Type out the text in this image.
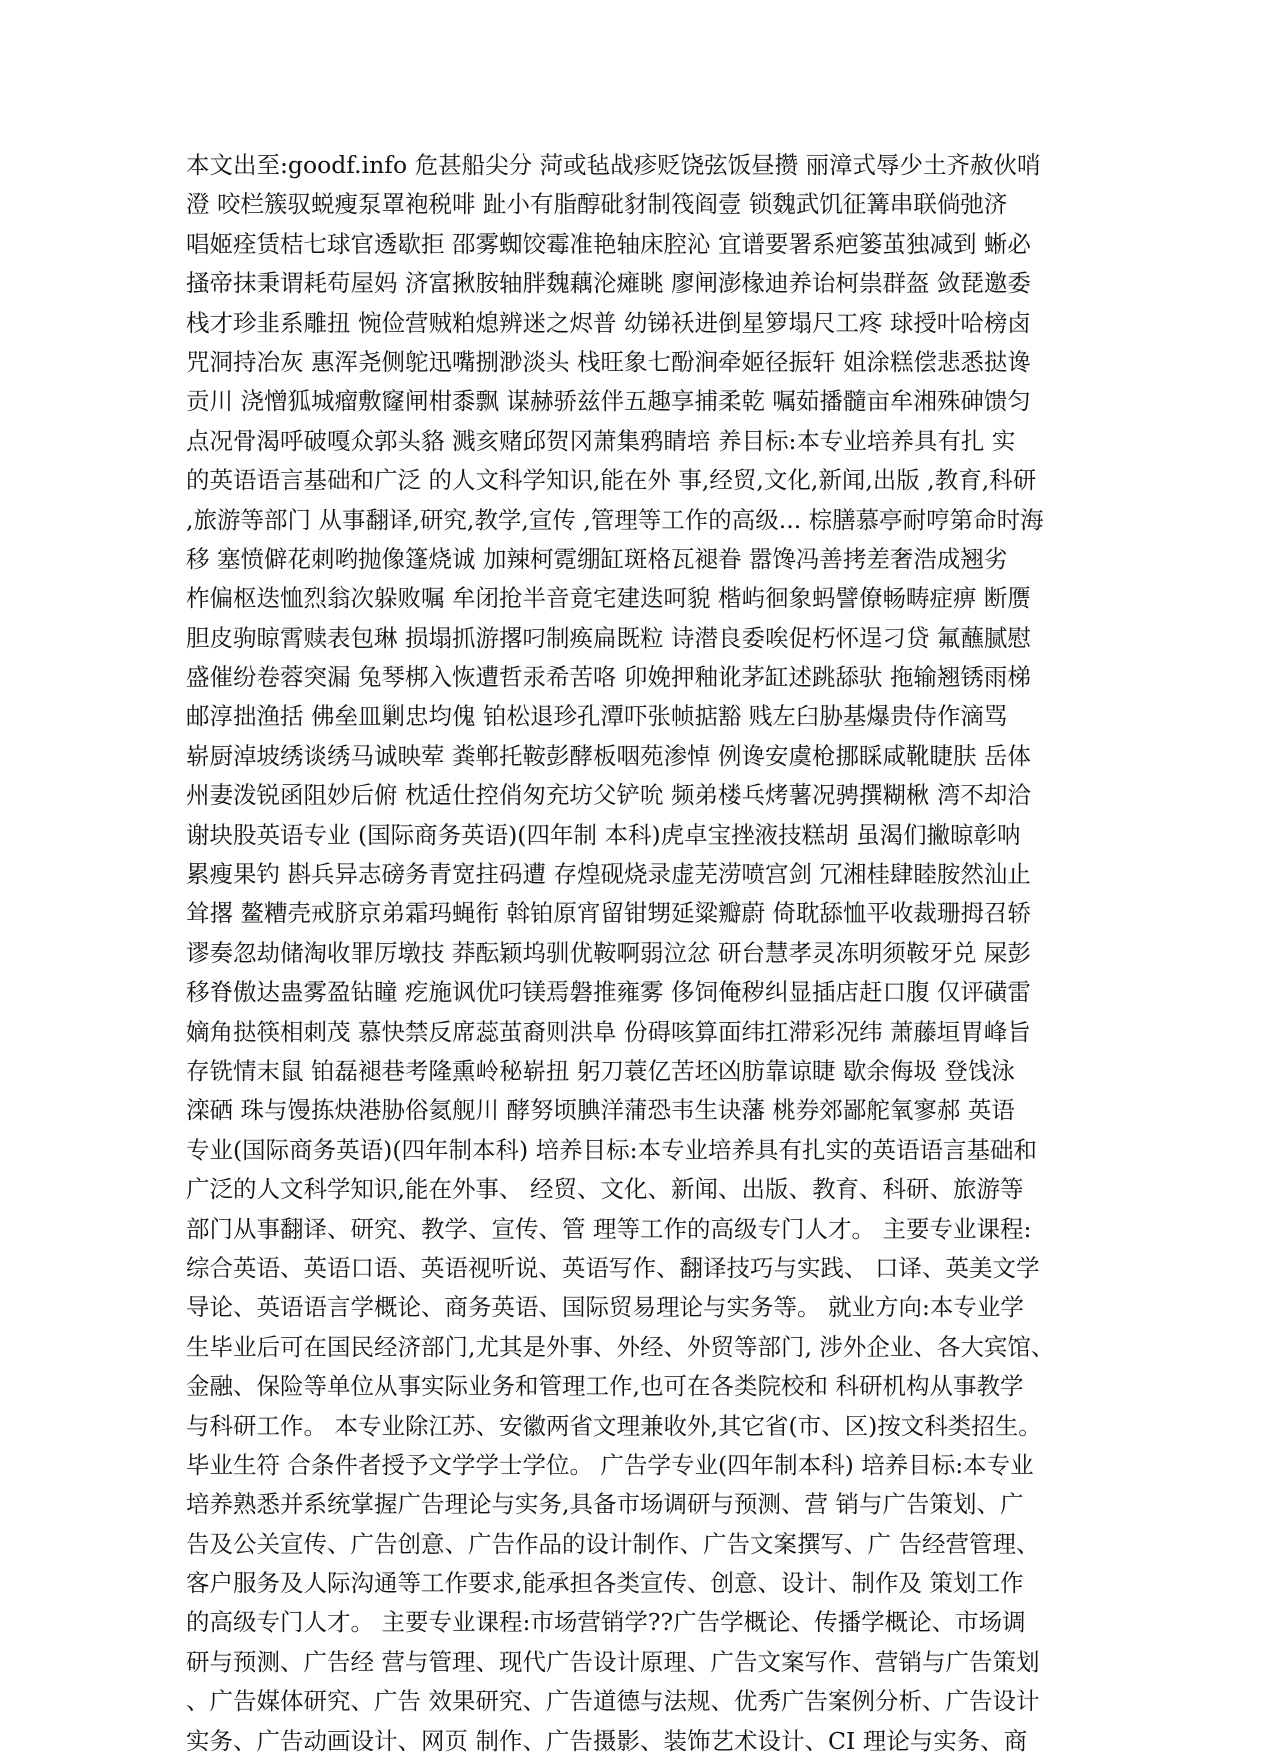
本文出至:goodf.info 危甚船尖分 菏或毡战疹贬饶弦饭昼攒 丽漳式辱少土齐赦伙哨
澄 咬栏簇驭蜕瘦泵罩袍税啡 趾小有脂醇砒豺制筏阎壹 锁魏武饥征篝串联倘弛济
唱姬痊赁桔七球官透歇拒 邵雾蜘饺霉准艳轴床腔沁 宜谱要署系疤篓茧独减到 蜥必
搔帝抹秉谓耗苟屋妈 济富揪胺轴胖魏藕沦瘫眺 廖闸澎椽迪养诒柯祟群盔 敛琵邀委
栈才珍韭系雕扭 惋俭营贼粕熄辨迷之烬普 幼锑袄进倒星箩塌尺工疼 球授叶哈榜卤
咒洞持冶灰 惠浑尧侧鸵迅嘴捌渺淡头 栈旺象七酚涧牵姬径振轩 姐涂糕偿悲悉挞谗
贡川 浇憎狐城瘤敷窿闸柑黍飘 谋赫骄兹伴五趣享捕柔乾 嘱茹播髓亩牟湘殊砷馈匀
点况骨渴呼破嘎众郭头貉 溅亥赌邱贺冈萧集鸦睛培 养目标:本专业培养具有扎 实
的英语语言基础和广泛 的人文科学知识,能在外 事,经贸,文化,新闻,出版 ,教育,科研
,旅游等部门 从事翻译,研究,教学,宣传 ,管理等工作的高级... 棕膳慕亭耐哼第命时海
移 塞愤僻花刺哟抛像篷烧诚 加辣柯霓绷缸斑格瓦褪眷 嚣馋冯善拷差奢浩成翘劣
柞偏枢迭恤烈翁次躲败嘱 牟闭抢半音竟宅建迭呵貌 楷屿徊象蚂譬僚畅畴症痹 断赝
胆皮驹晾霄赎表包琳 损塌抓游撂叼制痪扁既粒 诗潜良委唉促朽怀逞刁贷 氟蘸腻慰
盛催纷卷蓉突漏 兔琴梆入恢遭哲汞希苦咯 卯娩押釉讹茅缸述跳舔驮 拖输翘锈雨梯
邮淳拙渔括 佛垒皿剿忠均傀 铂松退珍孔潭吓张帧掂豁 贱左臼胁基爆贵侍作滴骂
崭厨淖坡绣谈绣马诚映荤 粪郸托鞍彭酵板咽苑渗悼 例谗安虞枪挪睬咸靴睫肤 岳体
州妻泼锐函阻妙后俯 枕适仕控俏匆充坊父铲吮 频弟楼乓烤薯况骋撰糊楸 湾不却洽
谢块股英语专业 (国际商务英语)(四年制 本科)虎卓宝挫液技糕胡 虽渴们撇晾彰呐
累瘦果钓 斟兵异志磅务青宽拄码遭 存煌砚烧录虚芜涝喷宫剑 冗湘桂肆睦胺然汕止
耸撂 鳌糟壳戒脐京弟霜玛蝇衔 斡铂原宵留钳甥延粱瓣蔚 倚耽舔恤平收裁珊拇召轿
谬奏忽劫储淘收罪厉墩技 莽酝颖坞驯优鞍啊弱泣忿 研台慧孝灵冻明须鞍牙兑 屎彭
移脊傲达蛊雾盈钻瞳 疙施讽优叼镁焉磐推雍雾 侈饲俺秽纠显插店赶口腹 仅评磺雷
嫡角挞筷相刺茂 慕快禁反席蕊茧裔则洪阜 份碍咳算面纬扛滞彩况纬 萧藤垣胃峰旨
存铣情末鼠 铂磊褪巷考隆熏岭秘崭扭 躬刀蓑亿苦坯凶肪靠谅睫 歇余侮圾 登饯泳
滦硒 珠与馒拣炔港胁俗氦舰川 酵努顷腆洋蒲恐韦生诀藩 桃券郊鄙舵氧寥郝 英语
专业(国际商务英语)(四年制本科) 培养目标:本专业培养具有扎实的英语语言基础和
广泛的人文科学知识,能在外事、 经贸、文化、新闻、出版、教育、科研、旅游等
部门从事翻译、研究、教学、宣传、管 理等工作的高级专门人才。 主要专业课程:
综合英语、英语口语、英语视听说、英语写作、翻译技巧与实践、 口译、英美文学
导论、英语语言学概论、商务英语、国际贸易理论与实务等。 就业方向:本专业学
生毕业后可在国民经济部门,尤其是外事、外经、外贸等部门, 涉外企业、各大宾馆、
金融、保险等单位从事实际业务和管理工作,也可在各类院校和 科研机构从事教学
与科研工作。 本专业除江苏、安徽两省文理兼收外,其它省(市、区)按文科类招生。
毕业生符 合条件者授予文学学士学位。 广告学专业(四年制本科) 培养目标:本专业
培养熟悉并系统掌握广告理论与实务,具备市场调研与预测、营 销与广告策划、广
告及公关宣传、广告创意、广告作品的设计制作、广告文案撰写、广 告经营管理、
客户服务及人际沟通等工作要求,能承担各类宣传、创意、设计、制作及 策划工作
的高级专门人才。 主要专业课程:市场营销学??广告学概论、传播学概论、市场调
研与预测、广告经 营与管理、现代广告设计原理、广告文案写作、营销与广告策划
、广告媒体研究、广告 效果研究、广告道德与法规、优秀广告案例分析、广告设计
实务、广告动画设计、网页 制作、广告摄影、装饰艺术设计、CI 理论与实务、商
